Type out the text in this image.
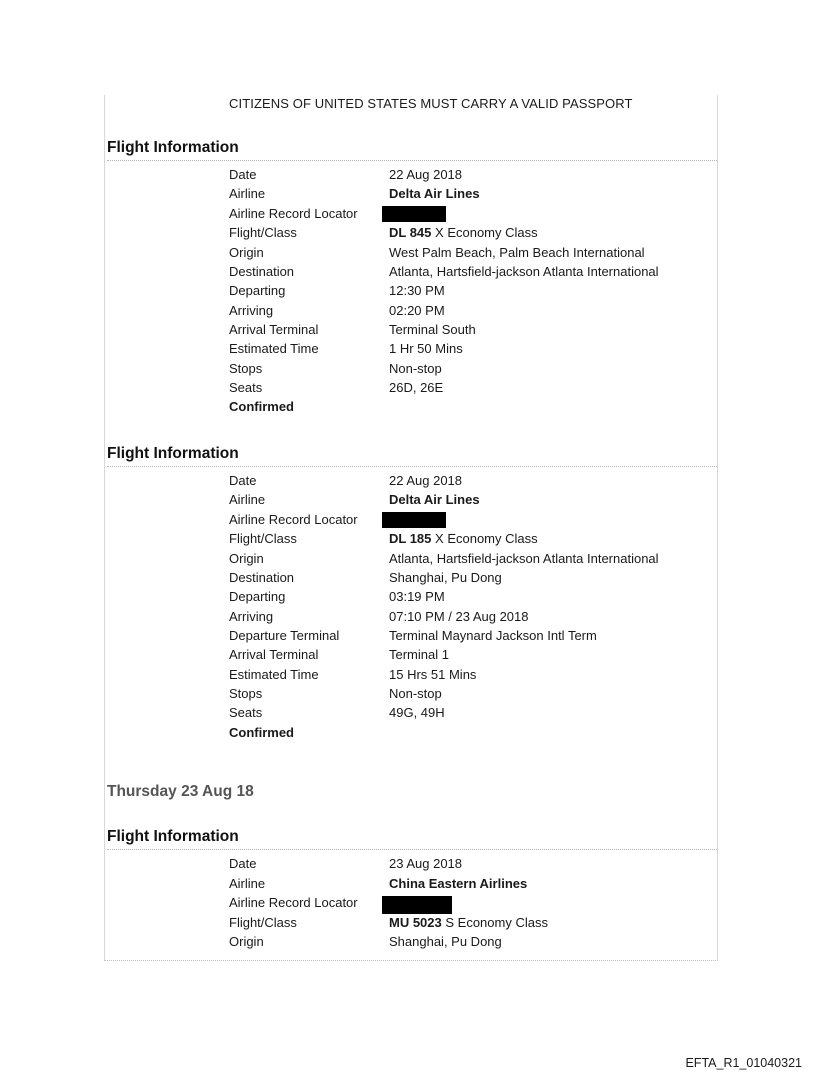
CITIZENS OF UNITED STATES MUST CARRY A VALID PASSPORT
Flight Information
Date	22 Aug 2018
Airline	Delta Air Lines
Airline Record Locator
Flight/Class	DL 845 X Economy Class
Origin	West Palm Beach, Palm Beach International
Destination	Atlanta, Hartsfield-jackson Atlanta International
Departing	12:30 PM
Arriving	02:20 PM
Arrival Terminal	Terminal South
Estimated Time	1 Hr 50 Mins
Stops	Non-stop
Seats	26D, 26E
Confirmed
Flight Information
Date	22 Aug 2018
Airline	Delta Air Lines
Airline Record Locator
Flight/Class	DL 185 X Economy Class
Origin	Atlanta, Hartsfield-jackson Atlanta International
Destination	Shanghai, Pu Dong
Departing	03:19 PM
Arriving	07:10 PM / 23 Aug 2018
Departure Terminal	Terminal Maynard Jackson Intl Term
Arrival Terminal	Terminal 1
Estimated Time	15 Hrs 51 Mins
Stops	Non-stop
Seats	49G, 49H
Confirmed
Thursday 23 Aug 18
Flight Information
Date	23 Aug 2018
Airline	China Eastern Airlines
Airline Record Locator
Flight/Class	MU 5023 S Economy Class
Origin	Shanghai, Pu Dong
EFTA_R1_01040321
